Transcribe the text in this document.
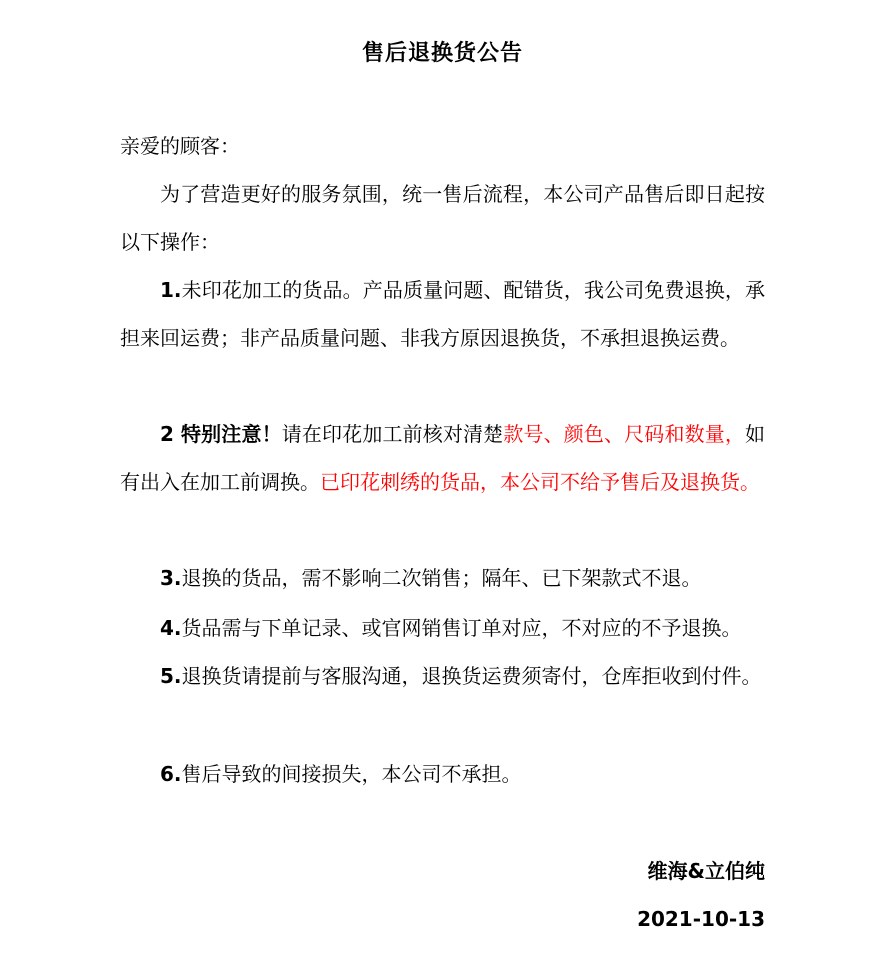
售后退换货公告

亲爱的顾客：

为了营造更好的服务氛围，统一售后流程，本公司产品售后即日起按以下操作：

1.未印花加工的货品。产品质量问题、配错货，我公司免费退换，承担来回运费；非产品质量问题、非我方原因退换货，不承担退换运费。

2 特别注意！请在印花加工前核对清楚款号、颜色、尺码和数量，如有出入在加工前调换。已印花刺绣的货品，本公司不给予售后及退换货。

3.退换的货品，需不影响二次销售；隔年、已下架款式不退。

4.货品需与下单记录、或官网销售订单对应，不对应的不予退换。

5.退换货请提前与客服沟通，退换货运费须寄付，仓库拒收到付件。

6.售后导致的间接损失，本公司不承担。

维海&立伯纯

2021-10-13
